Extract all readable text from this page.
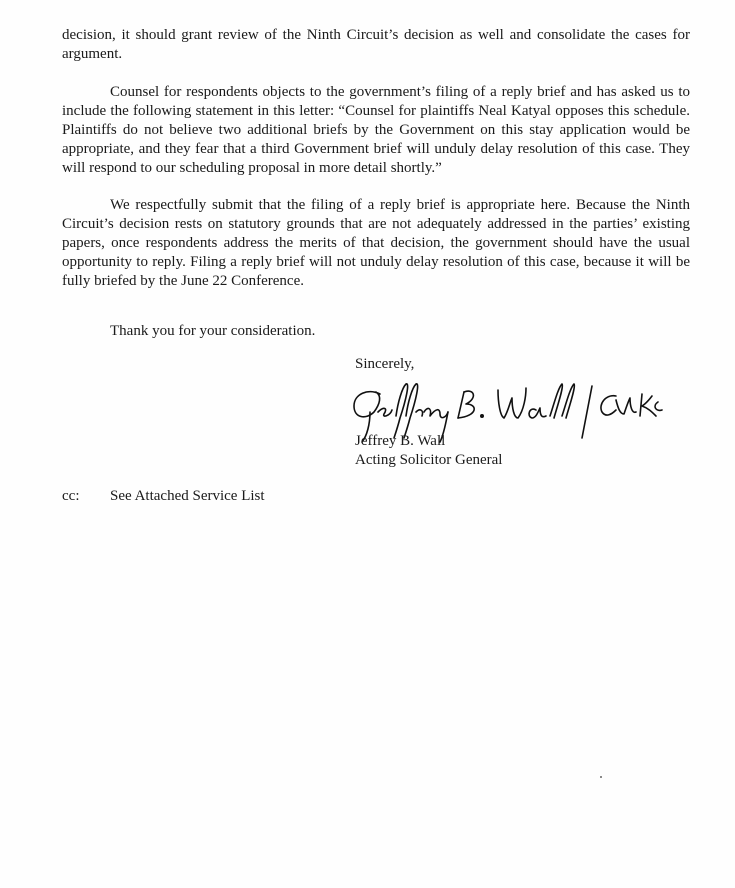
decision, it should grant review of the Ninth Circuit’s decision as well and consolidate the cases for argument.

Counsel for respondents objects to the government’s filing of a reply brief and has asked us to include the following statement in this letter: “Counsel for plaintiffs Neal Katyal opposes this schedule. Plaintiffs do not believe two additional briefs by the Government on this stay application would be appropriate, and they fear that a third Government brief will unduly delay resolution of this case. They will respond to our scheduling proposal in more detail shortly.”

We respectfully submit that the filing of a reply brief is appropriate here. Because the Ninth Circuit’s decision rests on statutory grounds that are not adequately addressed in the parties’ existing papers, once respondents address the merits of that decision, the government should have the usual opportunity to reply. Filing a reply brief will not unduly delay resolution of this case, because it will be fully briefed by the June 22 Conference.

Thank you for your consideration.

Sincerely,

Jeffrey B. Wall

Acting Solicitor General

cc: See Attached Service List
